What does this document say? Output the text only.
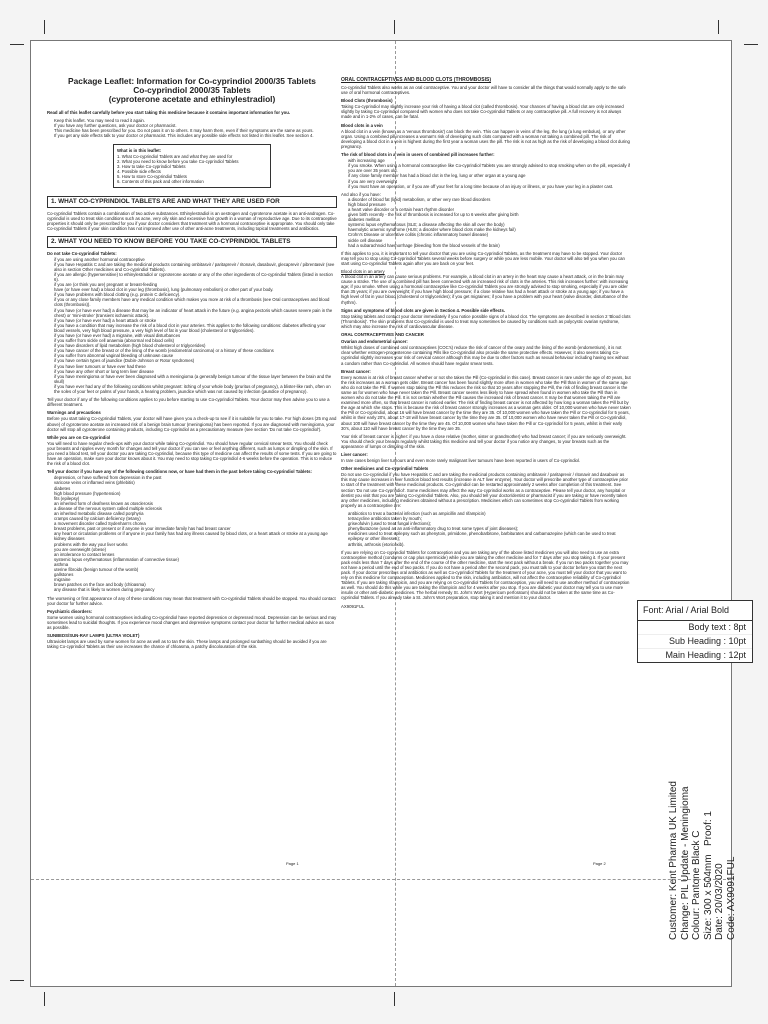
Package Leaflet: Information for Co-cyprindiol 2000/35 Tablets
Co-cyprindiol 2000/35 Tablets
(cyproterone acetate and ethinylestradiol)

Read all of this leaflet carefully before you start taking this medicine because it contains important information for you.

• Keep this leaflet. You may need to read it again.
• If you have any further questions, ask your doctor or pharmacist.
• This medicine has been prescribed for you. Do not pass it on to others. It may harm them, even if their symptoms are the same as yours.
• If you get any side effects talk to your doctor or pharmacist. This includes any possible side effects not listed in this leaflet. See section 4.
What is in this leaflet:
1. What Co-cyprindiol Tablets are and what they are used for
2. What you need to know before you take Co-cyprindiol Tablets
3. How to take Co-cyprindiol Tablets
4. Possible side effects
5. How to store Co-cyprindiol Tablets
6. Contents of this pack and other information
1. WHAT CO-CYPRINDIOL TABLETS ARE AND WHAT THEY ARE USED FOR

Co-cyprindiol Tablets contain a combination of two active substances. Ethinylestradiol is an oestrogen and cyproterone acetate is an anti-androgen. Co-cyprindiol is used to treat skin conditions such as acne, very oily skin and excessive hair growth in a woman of reproductive age. Due to its contraceptive properties it should only be prescribed for you if your doctor considers that treatment with a hormonal contraceptive is appropriate. You should only take Co-cyprindiol Tablets if your skin condition has not improved after use of other anti-acne treatments, including topical treatments and antibiotics.

2. WHAT YOU NEED TO KNOW BEFORE YOU TAKE CO-CYPRINDIOL TABLETS
Do not take Co-cyprindiol Tablets:
• if you are using another hormonal contraceptive
• if you have Hepatitis C and are taking the medicinal products containing ombitasvir / paritaprevir / ritonavir, dasabuvir, glecaprevir / pibrentasvir (see also in section Other medicines and Co-cyprindiol Tablets).
• if you are allergic (hypersensitive) to ethinylestradiol or cyproterone acetate or any of the other ingredients of Co-cyprindiol Tablets (listed in section 6).
• if you are (or think you are) pregnant or breast-feeding
• have (or have ever had) a blood clot in your leg (thrombosis), lung (pulmonary embolism) or other part of your body.
• if you have problems with blood clotting (e.g. protein C deficiency).
• if you or any close family members have any medical condition which makes you more at risk of a thrombosis (see Oral contraceptives and blood clots (thrombosis)).
• if you have (or have ever had) a disease that may be an indicator of heart attack in the future (e.g. angina pectoris which causes severe pain in the chest) or 'mini-stroke' (transient ischaemic attack).
• if you have (or have ever had) a heart attack or stroke
• if you have a condition that may increase the risk of a blood clot in your arteries. This applies to the following conditions: diabetes affecting your blood vessels, very high blood pressure, a very high level of fat in your blood (cholesterol or triglycerides).
• if you have (or have ever had) a migraine, with visual disturbances
• if you suffer from sickle cell anaemia (abnormal red blood cells)
• if you have disorders of lipid metabolism (high blood cholesterol or triglycerides)
• if you have cancer of the breast or of the lining of the womb (endometrial carcinoma) or a history of these conditions
• if you suffer from abnormal vaginal bleeding of unknown cause
• if you have certain types of jaundice (Dubin-Johnson or Rotor syndromes)
• if you have liver tumours or have ever had these
• if you have any other short or long term liver disease
• if you have meningioma or have ever been diagnosed with a meningioma (a generally benign tumour of the tissue layer between the brain and the skull)
• if you have ever had any of the following conditions whilst pregnant: itching of your whole body (pruritus of pregnancy), a blister-like rash, often on the soles of your feet or palms of your hands, a hearing problem, jaundice which was not caused by infection (jaundice of pregnancy).

Tell your doctor if any of the following conditions applies to you before starting to use Co-cyprindiol Tablets. Your doctor may then advise you to use a different treatment.

Warnings and precautions

Before you start taking Co-cyprindiol Tablets, your doctor will have given you a check-up to see if it is suitable for you to take. For high doses (25 mg and above) of cyproterone acetate an increased risk of a benign brain tumour (meningioma) has been reported. If you are diagnosed with meningioma, your doctor will stop all cyproterone containing products, including Co-cyprindiol as a precautionary measure (see section 'Do not take Co-cyprindiol').

While you are on Co-cyprindiol

You will need to have regular check-ups with your doctor while taking Co-cyprindiol. You should have regular cervical smear tests. You should check your breasts and nipples every month for changes and tell your doctor if you can see or feel anything different, such as lumps or dimpling of the skin. If you need a blood test, tell your doctor you are taking Co-cyprindiol, because this type of medicine can affect the results of some tests. If you are going to have an operation, make sure your doctor knows about it. You may need to stop taking Co-cyprindiol 4-6 weeks before the operation. This is to reduce the risk of a blood clot.

Tell your doctor if you have any of the following conditions now, or have had them in the past before taking Co-cyprindiol Tablets:
• depression, or have suffered from depression in the past
• varicose veins or inflamed veins (phlebitis)
• diabetes
• high blood pressure (hypertension)
• fits (epilepsy)
• an inherited form of deafness known as otosclerosis
• a disease of the nervous system called multiple sclerosis
• an inherited metabolic disease called porphyria
• cramps caused by calcium deficiency (tetany)
• a movement disorder called Sydenham's chorea
• breast problems, past or present or if anyone in your immediate family has had breast cancer
• any heart or circulation problems or if anyone in your family has had any illness caused by blood clots, or a heart attack or stroke at a young age
• kidney diseases
• problems with the way your liver works
• you are overweight (obese)
• an intolerance to contact lenses
• systemic lupus erythematosus (inflammation of connective tissue)
• asthma
• uterine fibroids (benign tumour of the womb)
• gallstones
• migraine
• brown patches on the face and body (chloasma)
• any disease that is likely to worsen during pregnancy

The worsening or first appearance of any of these conditions may mean that treatment with Co-cyprindiol Tablets should be stopped. You should contact your doctor for further advice.

Psychiatric disorders:

Some women using hormonal contraceptives including Co-cyprindiol have reported depression or depressed mood. Depression can be serious and may sometimes lead to suicidal thoughts. If you experience mood changes and depressive symptoms contact your doctor for further medical advice as soon as possible.

SUNBEDS/SUN-RAY LAMPS (ULTRA VIOLET)

Ultraviolet lamps are used by some women for acne as well as to tan the skin. These lamps and prolonged sunbathing should be avoided if you are taking Co-cyprindiol Tablets as their use increases the chance of chloasma, a patchy discolouration of the skin.

Page 1
ORAL CONTRACEPTIVES AND BLOOD CLOTS (THROMBOSIS)

Co-cyprindiol Tablets also works as an oral contraceptive. You and your doctor will have to consider all the things that would normally apply to the safe use of oral hormonal contraceptives.

Blood Clots (thrombosis)

Taking Co-cyprindiol may slightly increase your risk of having a blood clot (called thrombosis). Your chances of having a blood clot are only increased slightly by taking Co-cyprindiol compared with women who does not take Co-cyprindiol Tablets or any contraceptive pill. A full recovery is not always made and in 1-2% of cases, can be fatal.

Blood clots in a vein

A blood clot in a vein (known as a 'venous thrombosis') can block the vein. This can happen in veins of the leg, the lung (a lung embolus), or any other organ. Using a combined pill increases a woman's risk of developing such clots compared with a woman not taking a combined pill. The risk of developing a blood clot in a vein is highest during the first year a woman uses the pill. The risk is not as high as the risk of developing a blood clot during pregnancy.

The risk of blood clots in a vein in users of combined pill increases further:
• with increasing age
• if you smoke. When using a hormonal contraceptive like Co-cyprindiol Tablets you are strongly advised to stop smoking when on the pill, especially if you are over 35 years old.
• if any close family member has had a blood clot in the leg, lung or other organ at a young age
• if you are very overweight
• if you must have an operation, or if you are off your feet for a long time because of an injury or illness, or you have your leg in a plaster cast.
And also if you have:
• a disorder of blood fat (lipid) metabolism, or other very rare blood disorders
• high blood pressure
• a heart valve disorder or a certain heart rhythm disorder
• given birth recently - the risk of thrombosis is increased for up to 6 weeks after giving birth
• diabetes mellitus
• systemic lupus erythematosus (SLE; a disease affecting the skin all over the body)
• haemolytic uraemic syndrome (HUS; a disorder where blood clots make the kidneys fail)
• Crohn's Disease or ulcerative colitis (chronic inflammatory bowel disease)
• sickle cell disease
• had a subarachnoid haemorrhage (bleeding from the blood vessels of the brain)

If this applies to you, it is important to tell your doctor that you are using Co-cyprindiol Tablets, as the treatment may have to be stopped. Your doctor may tell you to stop using Co-cyprindiol Tablets several weeks before surgery or while you are less mobile. Your doctor will also tell you when you can start using Co-cyprindiol Tablets again after you are back on your feet.

Blood clots in an artery

A blood clot in an artery can cause serious problems. For example, a blood clot in an artery in the heart may cause a heart attack, or in the brain may cause a stroke. The use of a combined pill has been connected with an increased risk of clots in the arteries. This risk increases further: with increasing age; if you smoke. When using a hormonal contraceptive like Co-cyprindiol Tablets you are strongly advised to stop smoking, especially if you are older than 35 years; if you are overweight; if you have high blood pressure; if a close relative has had a heart attack or stroke at a young age; if you have a high level of fat in your blood (cholesterol or triglycerides); if you get migraines; if you have a problem with your heart (valve disorder, disturbance of the rhythm).

Signs and symptoms of blood clots are given in Section 4. Possible side effects.

Stop taking tablets and contact your doctor immediately if you notice possible signs of a blood clot. The symptoms are described in section 2 'Blood clots (Thrombosis)'. The skin problems that Co-cyprindiol is used to treat may sometimes be caused by conditions such as polycystic ovarian syndrome, which may also increase the risk of cardiovascular disease.

ORAL CONTRACEPTIVES AND CANCER
Ovarian and endometrial cancer:

Whilst high doses of combined oral contraceptives (COC's) reduce the risk of cancer of the ovary and the lining of the womb (endometrium), it is not clear whether estrogen-progesterone containing Pills like Co-cyprindiol also provide the same protective effects. However, it also seems taking Co-cyprindiol slightly increases your risk of cervical cancer although this may be due to other factors such as sexual behaviour including having sex without a condom rather than Co-cyprindiol. All women should have regular smear tests.

Breast cancer:

Every woman is at risk of breast cancer whether or not she takes the Pill (Co-cyprindiol in this case). Breast cancer is rare under the age of 40 years, but the risk increases as a woman gets older. Breast cancer has been found slightly more often in women who take the Pill than in women of the same age who do not take the Pill. If women stop taking the Pill this reduces the risk so that 10 years after stopping the Pill, the risk of finding breast cancer is the same as for women who have never taken the Pill. Breast cancer seems less likely to have spread when found in women who take the Pill than in women who do not take the Pill. It is not certain whether the Pill causes the increased risk of breast cancer. It may be that women taking the Pill are examined more often, so that breast cancer is noticed earlier. The risk of finding breast cancer is not affected by how long a woman takes the Pill but by the age at which she stops. This is because the risk of breast cancer strongly increases as a woman gets older. Of 10,000 women who have never taken the Pill or Co-cyprindiol, about 16 will have breast cancer by the time they are 35. Of 10,000 women who have taken the Pill or Co-cyprindiol for 5 years, whilst in their early 20's, about 17-18 will have breast cancer by the time they are 35. Of 10,000 women who have never taken the Pill or Co-cyprindiol, about 100 will have breast cancer by the time they are 45. Of 10,000 women who have taken the Pill or Co-cyprindiol for 5 years, whilst in their early 30's, about 110 will have breast cancer by the time they are 35.

Your risk of breast cancer is higher: if you have a close relative (mother, sister or grandmother) who had breast cancer; if you are seriously overweight. You should check your breasts regularly whilst taking this medicine and tell your doctor if you notice any changes, to your breasts such as the appearance of lumps or dimpling of the skin.

Liver cancer:

In rare cases benign liver tumours and even more rarely malignant liver tumours have been reported in users of Co-cyprindiol.

Other medicines and Co-cyprindiol Tablets

Do not use Co-cyprindiol if you have Hepatitis C and are taking the medicinal products containing ombitasvir / paritaprevir / ritonavir and dasabuvir as this may cause increases in liver function blood test results (increase in ALT liver enzyme). Your doctor will prescribe another type of contraceptive prior to start of the treatment with these medicinal products. Co-cyprindiol can be restarted approximately 2 weeks after completion of this treatment. See section 'Do not use Co-cyprindiol'. Some medicines may affect the way Co-cyprindiol works as a contraceptive. Please tell your doctor, any hospital or dentist you visit that you are taking Co-cyprindiol Tablets. Also, you should tell your doctor/dentist or pharmacist if you are taking or have recently taken any other medicines, including medicines obtained without a prescription. Medicines which can sometimes stop Co-cyprindiol Tablets from working properly as a contraceptive are:

• antibiotics to treat a bacterial infection (such as ampicillin and rifampicin)
• tetracycline antibiotics taken by mouth;
• griseofulvin (used to treat fungal infections);
• phenylbutazone (used as an anti-inflammatory drug to treat some types of joint diseases);
• medicines used to treat epilepsy such as phenytoin, primidone, phenobarbitone, barbiturates and carbamazepine (which can be used to treat epilepsy or other illnesses);
• arthritis, arthrosis (etoricoxib).

If you are relying on Co-cyprindiol Tablets for contraception and you are taking any of the above listed medicines you will also need to use an extra contraceptive method (condoms or cap plus spermicide) while you are taking the other medicine and for 7 days after you stop taking it. If your present pack ends less than 7 days after the end of the course of the other medicine, start the next pack without a break. If you run two packs together you may not have a period until the end of two packs. If you do not have a period after the second pack, you must talk to your doctor before you start the next pack. If your doctor prescribes oral antibiotics as well as Co-cyprindiol Tablets for the treatment of your acne, you must tell your doctor that you want to rely on this medicine for contraception. Medicines applied to the skin, including antibiotics, will not affect the contraceptive reliability of Co-cyprindiol Tablets. If you are taking rifampicin, and you are relying on Co-cyprindiol Tablets for contraception, you will need to use another method of contraception as well. You should do this while you are taking the rifampicin and for 4 weeks after you stop. If you are diabetic your doctor may tell you to use more insulin or other anti-diabetic medicines. The herbal remedy St. John's Wort (Hypericum perforatum) should not be taken at the same time as Co-cyprindiol Tablets. If you already take a St. John's Wort preparation, stop taking it and mention it to your doctor.

AX9091FUL
Page 2
Font: Arial / Arial Bold
Body text : 8pt
Sub Heading : 10pt
Main Heading : 12pt
Customer: Kent Pharma UK Limited Change: PIL Update - Meningioma Colour: Pantone Black C Size: 300 x 504mm   Proof: 1
Date: 20/03/2020 Code: AX9091FUL
